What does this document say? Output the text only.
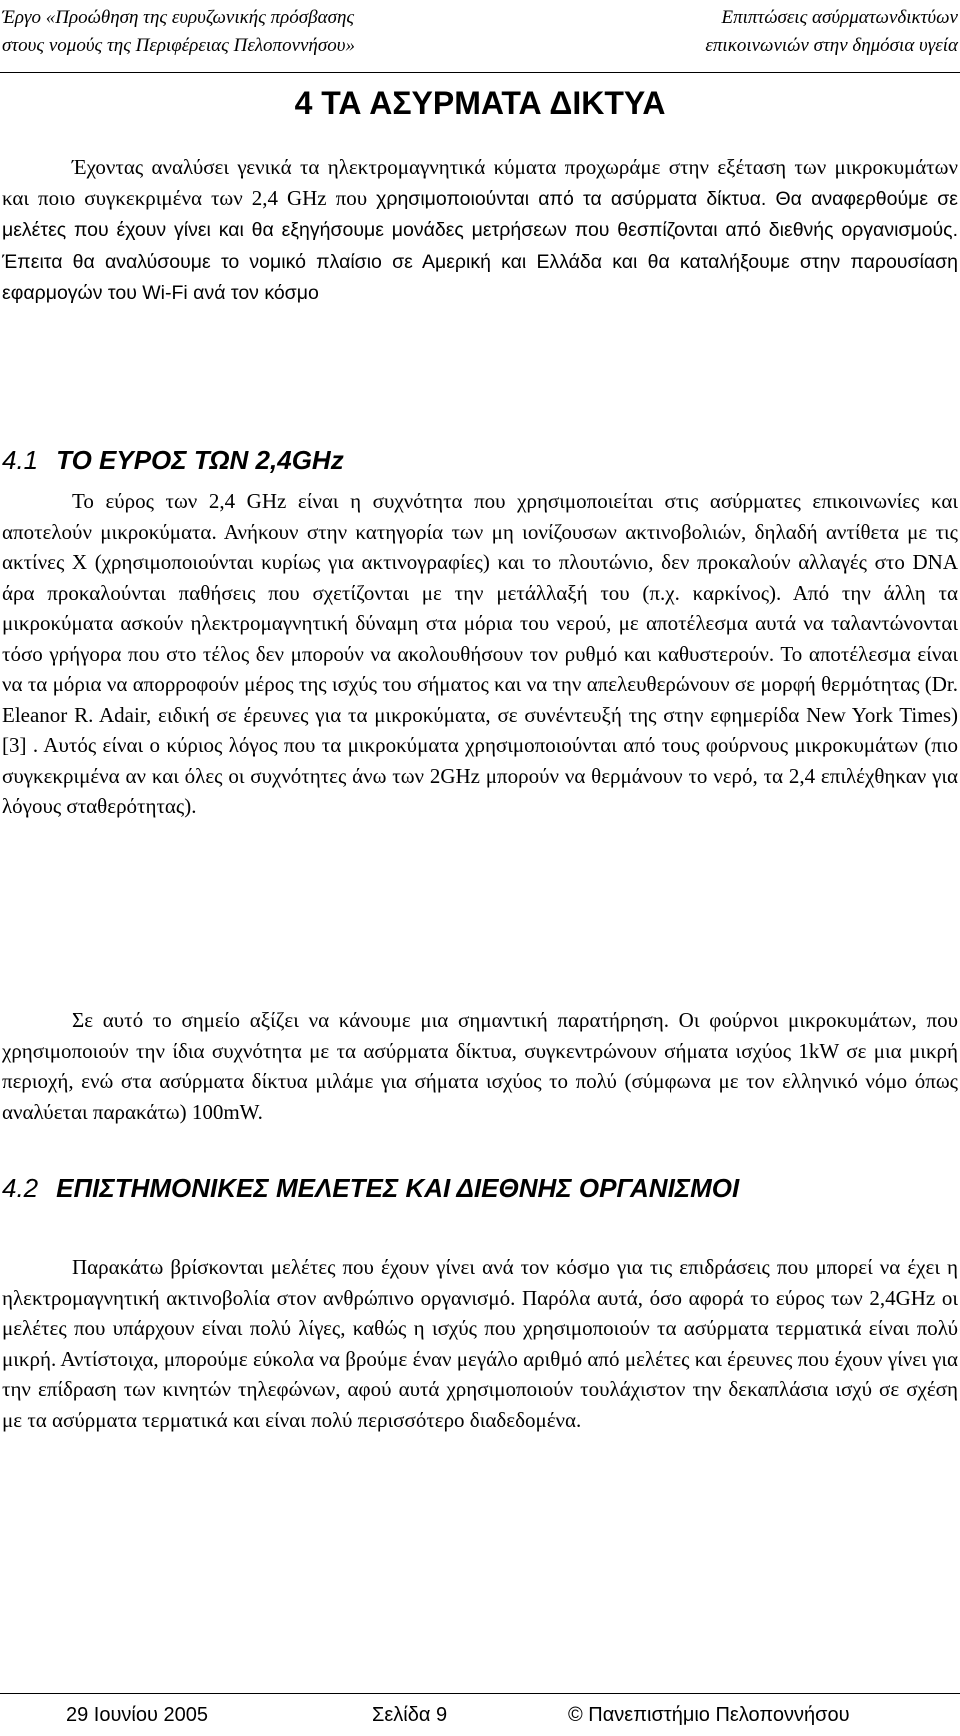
Έργο «Προώθηση της ευρυζωνικής πρόσβασης
στους νομούς της Περιφέρειας Πελοποννήσου»
Επιπτώσεις ασύρματωνδικτύων
επικοινωνιών στην δημόσια υγεία
4 ΤΑ ΑΣΥΡΜΑΤΑ ΔΙΚΤΥΑ

Έχοντας αναλύσει γενικά τα ηλεκτρομαγνητικά κύματα προχωράμε στην εξέταση των μικροκυμάτων και ποιο συγκεκριμένα των 2,4 GHz που χρησιμοποιούνται από τα ασύρματα δίκτυα. Θα αναφερθούμε σε μελέτες που έχουν γίνει και θα εξηγήσουμε μονάδες μετρήσεων που θεσπίζονται από διεθνής οργανισμούς. Έπειτα θα αναλύσουμε το νομικό πλαίσιο σε Αμερική και Ελλάδα και θα καταλήξουμε στην παρουσίαση εφαρμογών του Wi-Fi ανά τον κόσμο

4.1 ΤΟ ΕΥΡΟΣ ΤΩΝ 2,4GHz

Το εύρος των 2,4 GHz είναι η συχνότητα που χρησιμοποιείται στις ασύρματες επικοινωνίες και αποτελούν μικροκύματα. Ανήκουν στην κατηγορία των μη ιονίζουσων ακτινοβολιών, δηλαδή αντίθετα με τις ακτίνες Χ (χρησιμοποιούνται κυρίως για ακτινογραφίες) και το πλουτώνιο, δεν προκαλούν αλλαγές στο DNA άρα προκαλούνται παθήσεις που σχετίζονται με την μετάλλαξή του (π.χ. καρκίνος). Από την άλλη τα μικροκύματα ασκούν ηλεκτρομαγνητική δύναμη στα μόρια του νερού, με αποτέλεσμα αυτά να ταλαντώνονται τόσο γρήγορα που στο τέλος δεν μπορούν να ακολουθήσουν τον ρυθμό και καθυστερούν. Το αποτέλεσμα είναι να τα μόρια να απορροφούν μέρος της ισχύς του σήματος και να την απελευθερώνουν σε μορφή θερμότητας (Dr. Eleanor R. Adair, ειδική σε έρευνες για τα μικροκύματα, σε συνέντευξή της στην εφημερίδα New York Times) [3] . Αυτός είναι ο κύριος λόγος που τα μικροκύματα χρησιμοποιούνται από τους φούρνους μικροκυμάτων (πιο συγκεκριμένα αν και όλες οι συχνότητες άνω των 2GHz μπορούν να θερμάνουν το νερό, τα 2,4 επιλέχθηκαν για λόγους σταθερότητας).

Σε αυτό το σημείο αξίζει να κάνουμε μια σημαντική παρατήρηση. Οι φούρνοι μικροκυμάτων, που χρησιμοποιούν την ίδια συχνότητα με τα ασύρματα δίκτυα, συγκεντρώνουν σήματα ισχύος 1kW σε μια μικρή περιοχή, ενώ στα ασύρματα δίκτυα μιλάμε για σήματα ισχύος το πολύ (σύμφωνα με τον ελληνικό νόμο όπως αναλύεται παρακάτω) 100mW.

4.2 ΕΠΙΣΤΗΜΟΝΙΚΕΣ ΜΕΛΕΤΕΣ ΚΑΙ ΔΙΕΘΝΗΣ ΟΡΓΑΝΙΣΜΟΙ

Παρακάτω βρίσκονται μελέτες που έχουν γίνει ανά τον κόσμο για τις επιδράσεις που μπορεί να έχει η ηλεκτρομαγνητική ακτινοβολία στον ανθρώπινο οργανισμό. Παρόλα αυτά, όσο αφορά το εύρος των 2,4GHz οι μελέτες που υπάρχουν είναι πολύ λίγες, καθώς η ισχύς που χρησιμοποιούν τα ασύρματα τερματικά είναι πολύ μικρή. Αντίστοιχα, μπορούμε εύκολα να βρούμε έναν μεγάλο αριθμό από μελέτες και έρευνες που έχουν γίνει για την επίδραση των κινητών τηλεφώνων, αφού αυτά χρησιμοποιούν τουλάχιστον την δεκαπλάσια ισχύ σε σχέση με τα ασύρματα τερματικά και είναι πολύ περισσότερο διαδεδομένα.

29 Ιουνίου 2005	Σελίδα 9	© Πανεπιστήμιο Πελοποννήσου
